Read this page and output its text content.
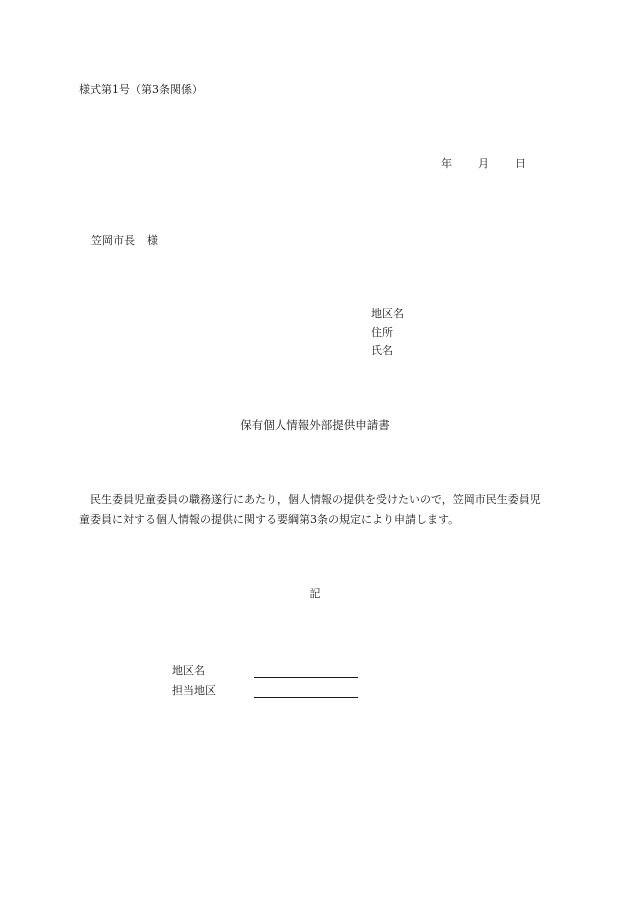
様式第1号（第3条関係）
年 月 日
笠岡市長 様
地区名
住所
氏名
保有個人情報外部提供申請書
民生委員児童委員の職務遂行にあたり，個人情報の提供を受けたいので，笠岡市民生委員児童委員に対する個人情報の提供に関する要綱第3条の規定により申請します。
記
地区名
担当地区
